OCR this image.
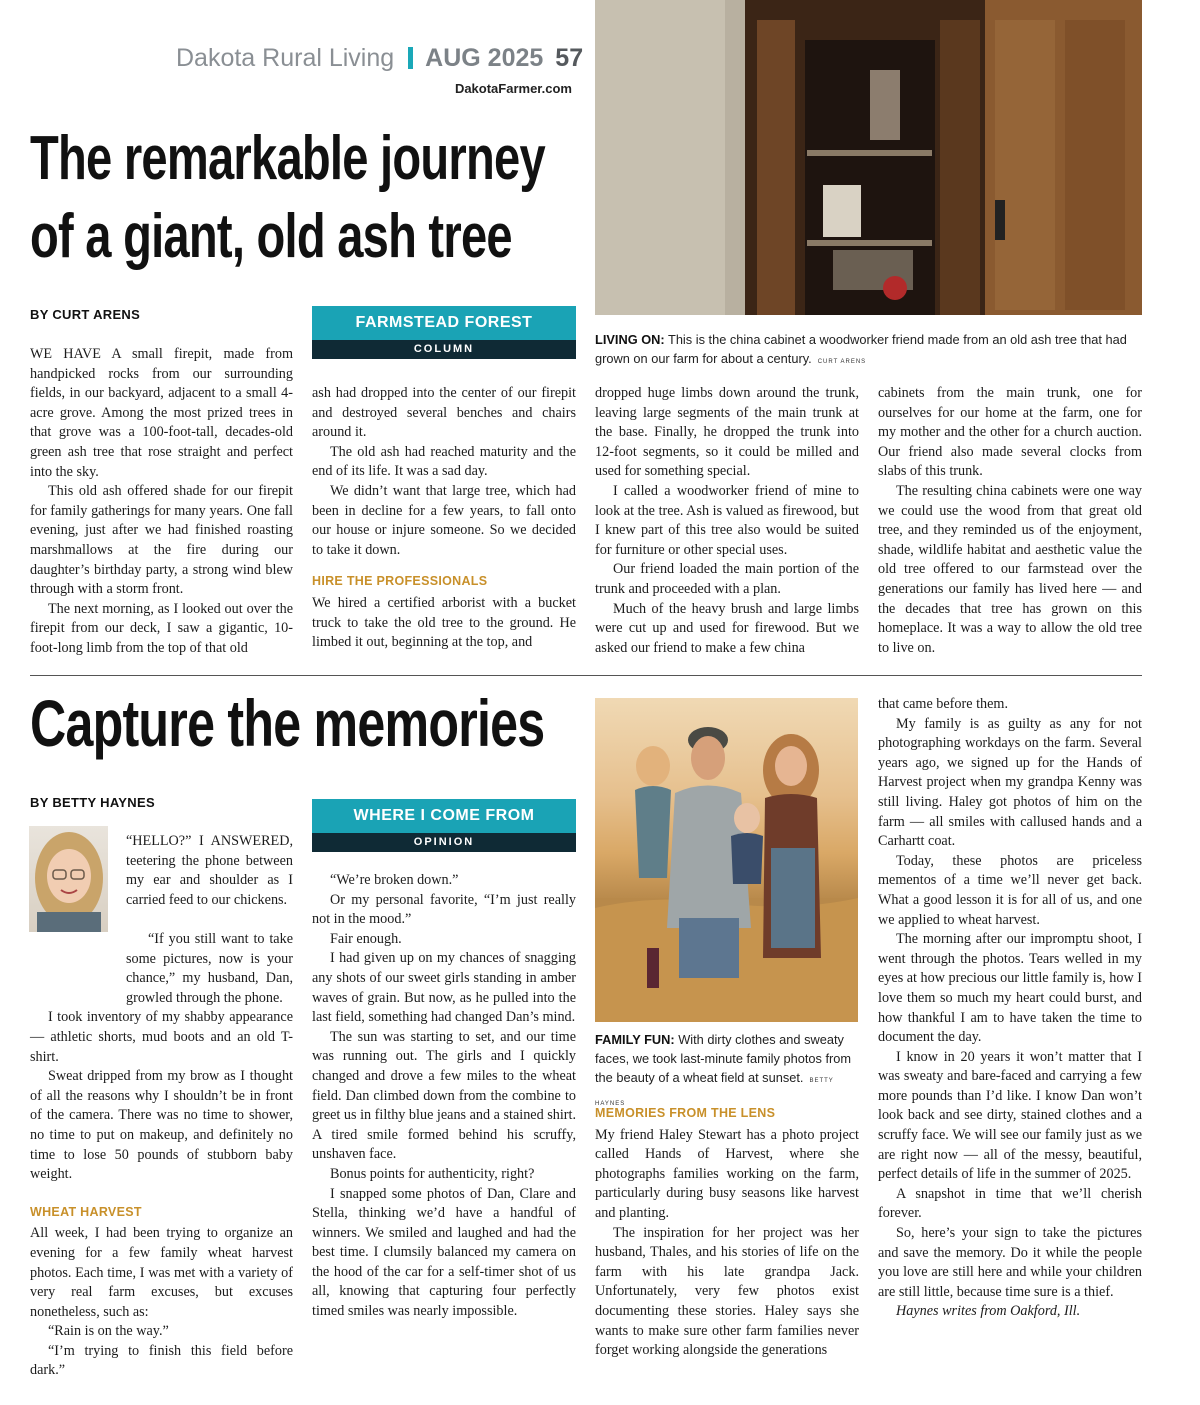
Dakota Rural Living AUG 2025 57
DakotaFarmer.com
The remarkable journey
of a giant, old ash tree
BY CURT ARENS	FARMSTEAD FOREST
COLUMN
LIVING ON: This is the china cabinet a woodworker friend made from an old ash tree that had grown on our farm for about a century. CURT ARENS

WE HAVE A small firepit, made from handpicked rocks from our surrounding fields, in our backyard, adjacent to a small 4-acre grove. Among the most prized trees in that grove was a 100-foot-tall, decades-old green ash tree that rose straight and perfect into the sky.

This old ash offered shade for our firepit for family gatherings for many years. One fall evening, just after we had finished roasting marshmallows at the fire during our daughter’s birthday party, a strong wind blew through with a storm front.

The next morning, as I looked out over the firepit from our deck, I saw a gigantic, 10-foot-long limb from the top of that old

ash had dropped into the center of our firepit and destroyed several benches and chairs around it.

The old ash had reached maturity and the end of its life. It was a sad day.

We didn’t want that large tree, which had been in decline for a few years, to fall onto our house or injure someone. So we decided to take it down.

HIRE THE PROFESSIONALS

We hired a certified arborist with a bucket truck to take the old tree to the ground. He limbed it out, beginning at the top, and

dropped huge limbs down around the trunk, leaving large segments of the main trunk at the base. Finally, he dropped the trunk into 12-foot segments, so it could be milled and used for something special.

I called a woodworker friend of mine to look at the tree. Ash is valued as firewood, but I knew part of this tree also would be suited for furniture or other special uses.

Our friend loaded the main portion of the trunk and proceeded with a plan.

Much of the heavy brush and large limbs were cut up and used for firewood. But we asked our friend to make a few china

cabinets from the main trunk, one for ourselves for our home at the farm, one for my mother and the other for a church auction. Our friend also made several clocks from slabs of this trunk.

The resulting china cabinets were one way we could use the wood from that great old tree, and they reminded us of the enjoyment, shade, wildlife habitat and aesthetic value the old tree offered to our farmstead over the generations our family has lived here — and the decades that tree has grown on this homeplace. It was a way to allow the old tree to live on.

Capture the memories
BY BETTY HAYNES
WHERE I COME FROM
OPINION

“HELLO?” I ANSWERED, teetering the phone between my ear and shoulder as I carried feed to our chickens.

“If you still want to take some pictures, now is your chance,” my husband, Dan, growled through the phone.

I took inventory of my shabby appearance — athletic shorts, mud boots and an old T-shirt.

Sweat dripped from my brow as I thought of all the reasons why I shouldn’t be in front of the camera. There was no time to shower, no time to put on makeup, and definitely no time to lose 50 pounds of stubborn baby weight.

WHEAT HARVEST

All week, I had been trying to organize an evening for a few family wheat harvest photos. Each time, I was met with a variety of very real farm excuses, but excuses nonetheless, such as:

“Rain is on the way.”

“I’m trying to finish this field before dark.”

“We’re broken down.”

Or my personal favorite, “I’m just really not in the mood.”

Fair enough.

I had given up on my chances of snagging any shots of our sweet girls standing in amber waves of grain. But now, as he pulled into the last field, something had changed Dan’s mind.

The sun was starting to set, and our time was running out. The girls and I quickly changed and drove a few miles to the wheat field. Dan climbed down from the combine to greet us in filthy blue jeans and a stained shirt. A tired smile formed behind his scruffy, unshaven face.

Bonus points for authenticity, right?

I snapped some photos of Dan, Clare and Stella, thinking we’d have a handful of winners. We smiled and laughed and had the best time. I clumsily balanced my camera on the hood of the car for a self-timer shot of us all, knowing that capturing four perfectly timed smiles was nearly impossible.

FAMILY FUN: With dirty clothes and sweaty faces, we took last-minute family photos from the beauty of a wheat field at sunset. BETTY HAYNES
MEMORIES FROM THE LENS

My friend Haley Stewart has a photo project called Hands of Harvest, where she photographs families working on the farm, particularly during busy seasons like harvest and planting.

The inspiration for her project was her husband, Thales, and his stories of life on the farm with his late grandpa Jack. Unfortunately, very few photos exist documenting these stories. Haley says she wants to make sure other farm families never forget working alongside the generations

that came before them.

My family is as guilty as any for not photographing workdays on the farm. Several years ago, we signed up for the Hands of Harvest project when my grandpa Kenny was still living. Haley got photos of him on the farm — all smiles with callused hands and a Carhartt coat.

Today, these photos are priceless mementos of a time we’ll never get back. What a good lesson it is for all of us, and one we applied to wheat harvest.

The morning after our impromptu shoot, I went through the photos. Tears welled in my eyes at how precious our little family is, how I love them so much my heart could burst, and how thankful I am to have taken the time to document the day.

I know in 20 years it won’t matter that I was sweaty and bare-faced and carrying a few more pounds than I’d like. I know Dan won’t look back and see dirty, stained clothes and a scruffy face. We will see our family just as we are right now — all of the messy, beautiful, perfect details of life in the summer of 2025.

A snapshot in time that we’ll cherish forever.

So, here’s your sign to take the pictures and save the memory. Do it while the people you love are still here and while your children are still little, because time sure is a thief.

Haynes writes from Oakford, Ill.
